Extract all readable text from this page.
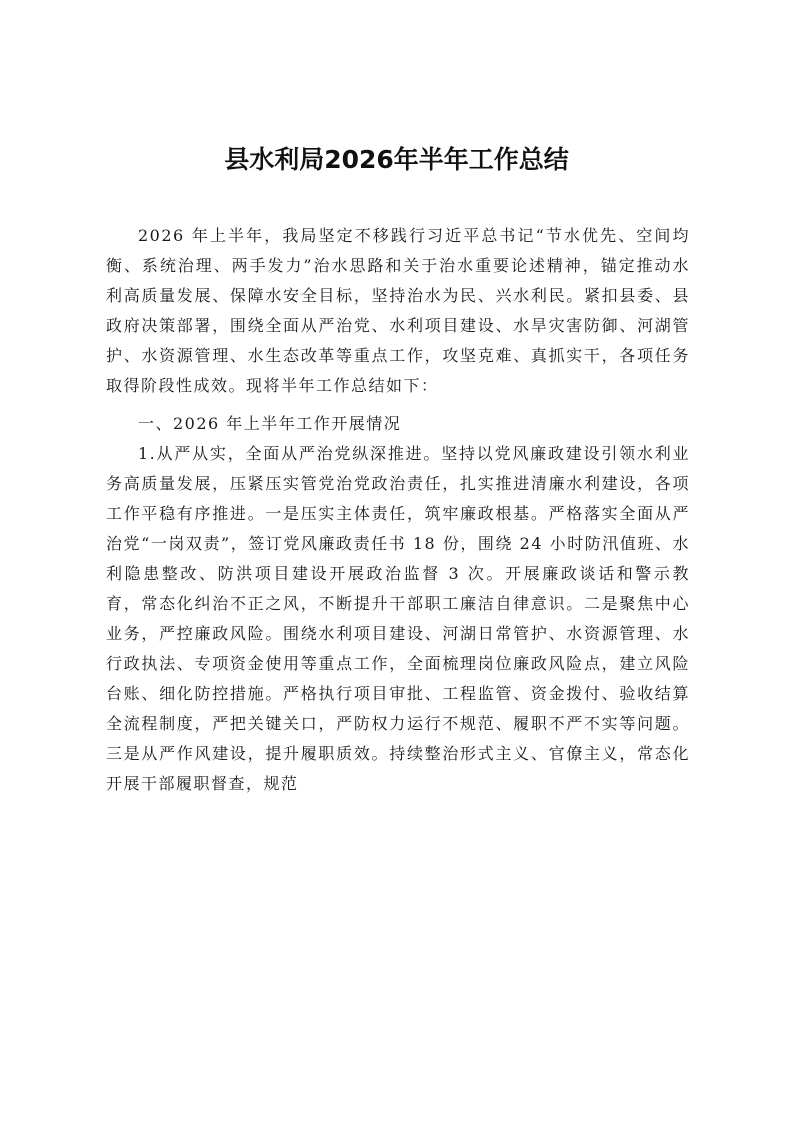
县水利局2026年半年工作总结

2026 年上半年，我局坚定不移践行习近平总书记“节水优先、空间均衡、系统治理、两手发力”治水思路和关于治水重要论述精神，锚定推动水利高质量发展、保障水安全目标，坚持治水为民、兴水利民。紧扣县委、县政府决策部署，围绕全面从严治党、水利项目建设、水旱灾害防御、河湖管护、水资源管理、水生态改革等重点工作，攻坚克难、真抓实干，各项任务取得阶段性成效。现将半年工作总结如下：

一、2026 年上半年工作开展情况

1.从严从实，全面从严治党纵深推进。坚持以党风廉政建设引领水利业务高质量发展，压紧压实管党治党政治责任，扎实推进清廉水利建设，各项工作平稳有序推进。一是压实主体责任，筑牢廉政根基。严格落实全面从严治党“一岗双责”，签订党风廉政责任书 18 份，围绕 24 小时防汛值班、水利隐患整改、防洪项目建设开展政治监督 3 次。开展廉政谈话和警示教育，常态化纠治不正之风，不断提升干部职工廉洁自律意识。二是聚焦中心业务，严控廉政风险。围绕水利项目建设、河湖日常管护、水资源管理、水行政执法、专项资金使用等重点工作，全面梳理岗位廉政风险点，建立风险台账、细化防控措施。严格执行项目审批、工程监管、资金拨付、验收结算全流程制度，严把关键关口，严防权力运行不规范、履职不严不实等问题。三是从严作风建设，提升履职质效。持续整治形式主义、官僚主义，常态化开展干部履职督查，规范
